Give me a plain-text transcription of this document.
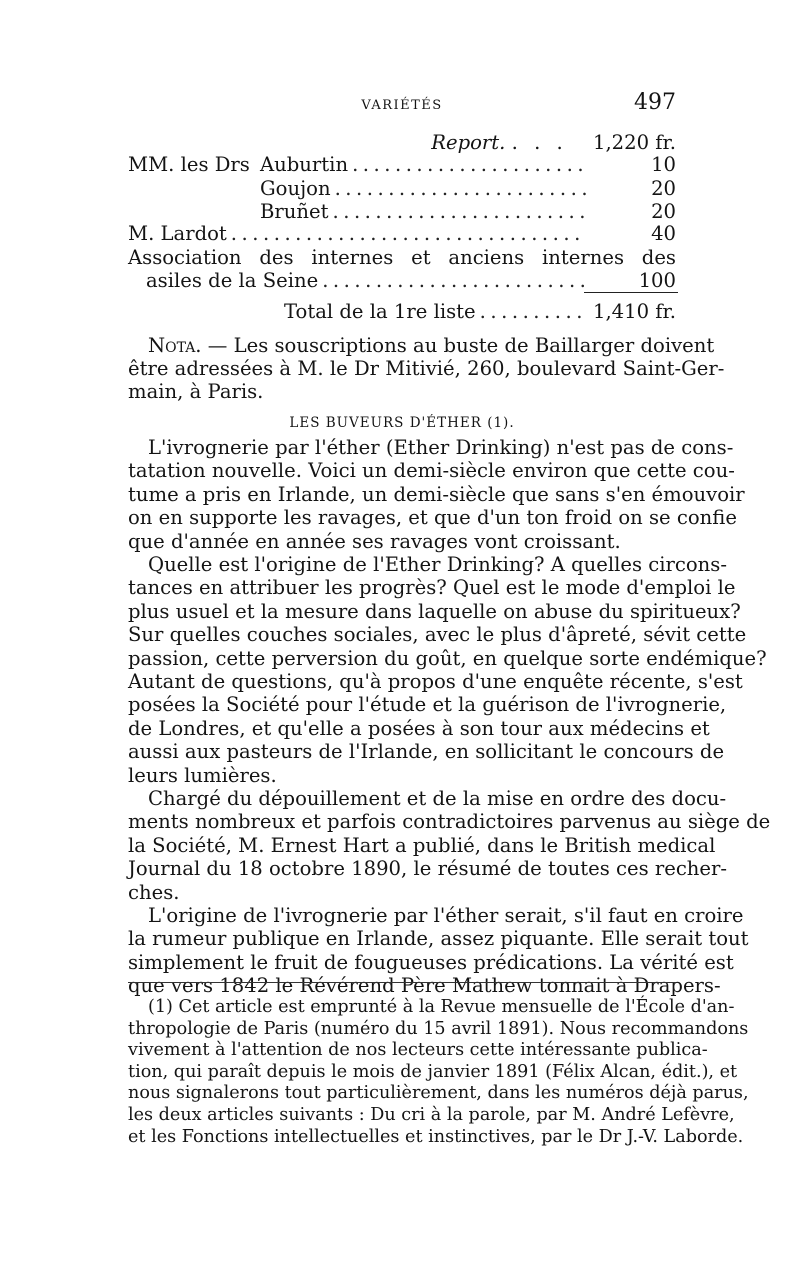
VARIÉTÉS	497
Report. . . . 1,220 fr.
MM. les Drs Auburtin .....	10
Goujon .....	20
Bruñet .....	20
M. Lardot .....	40
Association des internes et anciens internes des
asiles de la Seine .....	100
Total de la 1re liste .....	1,410 fr.
Nota. — Les souscriptions au buste de Baillarger doivent
être adressées à M. le Dr Mitivié, 260, boulevard Saint-Ger-
main, à Paris.
LES BUVEURS D'ÉTHER (1).
L'ivrognerie par l'éther (Ether Drinking) n'est pas de cons-
tatation nouvelle. Voici un demi-siècle environ que cette cou-
tume a pris en Irlande, un demi-siècle que sans s'en émouvoir
on en supporte les ravages, et que d'un ton froid on se confie
que d'année en année ses ravages vont croissant.
Quelle est l'origine de l'Ether Drinking? A quelles circons-
tances en attribuer les progrès? Quel est le mode d'emploi le
plus usuel et la mesure dans laquelle on abuse du spiritueux?
Sur quelles couches sociales, avec le plus d'âpreté, sévit cette
passion, cette perversion du goût, en quelque sorte endémique?
Autant de questions, qu'à propos d'une enquête récente, s'est
posées la Société pour l'étude et la guérison de l'ivrognerie,
de Londres, et qu'elle a posées à son tour aux médecins et
aussi aux pasteurs de l'Irlande, en sollicitant le concours de
leurs lumières.
Chargé du dépouillement et de la mise en ordre des docu-
ments nombreux et parfois contradictoires parvenus au siège de
la Société, M. Ernest Hart a publié, dans le British medical
Journal du 18 octobre 1890, le résumé de toutes ces recher-
ches.
L'origine de l'ivrognerie par l'éther serait, s'il faut en croire
la rumeur publique en Irlande, assez piquante. Elle serait tout
simplement le fruit de fougueuses prédications. La vérité est
que vers 1842 le Révérend Père Mathew tonnait à Drapers-
(1) Cet article est emprunté à la Revue mensuelle de l'École d'an-
thropologie de Paris (numéro du 15 avril 1891). Nous recommandons
vivement à l'attention de nos lecteurs cette intéressante publica-
tion, qui paraît depuis le mois de janvier 1891 (Félix Alcan, édit.), et
nous signalerons tout particulièrement, dans les numéros déjà parus,
les deux articles suivants : Du cri à la parole, par M. André Lefèvre,
et les Fonctions intellectuelles et instinctives, par le Dr J.-V. Laborde.
